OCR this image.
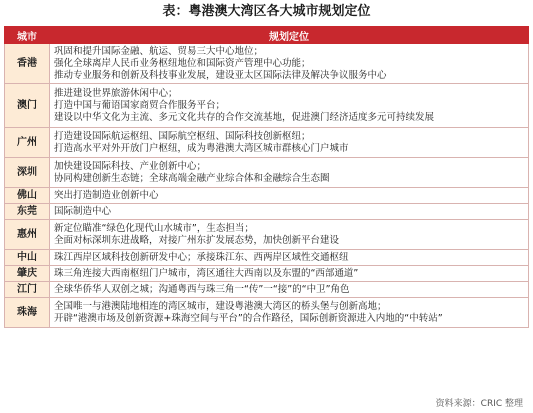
表：粤港澳大湾区各大城市规划定位
城市	规划定位
香港	巩固和提升国际金融、航运、贸易三大中心地位；
强化全球离岸人民币业务枢纽地位和国际资产管理中心功能；
推动专业服务和创新及科技事业发展，建设亚太区国际法律及解决争议服务中心

澳门	推进建设世界旅游休闲中心；
打造中国与葡语国家商贸合作服务平台；
建设以中华文化为主流、多元文化共存的合作交流基地，促进澳门经济适度多元可持续发展

广州	打造建设国际航运枢纽、国际航空枢纽、国际科技创新枢纽；
打造高水平对外开放门户枢纽，成为粤港澳大湾区城市群核心门户城市

深圳	加快建设国际科技、产业创新中心；
协同构建创新生态链；全球高端金融产业综合体和金融综合生态圈

佛山	突出打造制造业创新中心

东莞	国际制造中心

惠州	新定位瞄准“绿色化现代山水城市”，生态担当；
全面对标深圳东进战略，对接广州东扩发展态势，加快创新平台建设

中山	珠江西岸区域科技创新研发中心；承接珠江东、西两岸区域性交通枢纽

肇庆	珠三角连接大西南枢纽门户城市，湾区通往大西南以及东盟的“西部通道”

江门	全球华侨华人双创之城；沟通粤西与珠三角一“传”一“接”的“中卫”角色

珠海	全国唯一与港澳陆地相连的湾区城市，建设粤港澳大湾区的桥头堡与创新高地；
开辟“港澳市场及创新资源+珠海空间与平台”的合作路径，国际创新资源进入内地的“中转站”
资料来源：CRIC 整理
